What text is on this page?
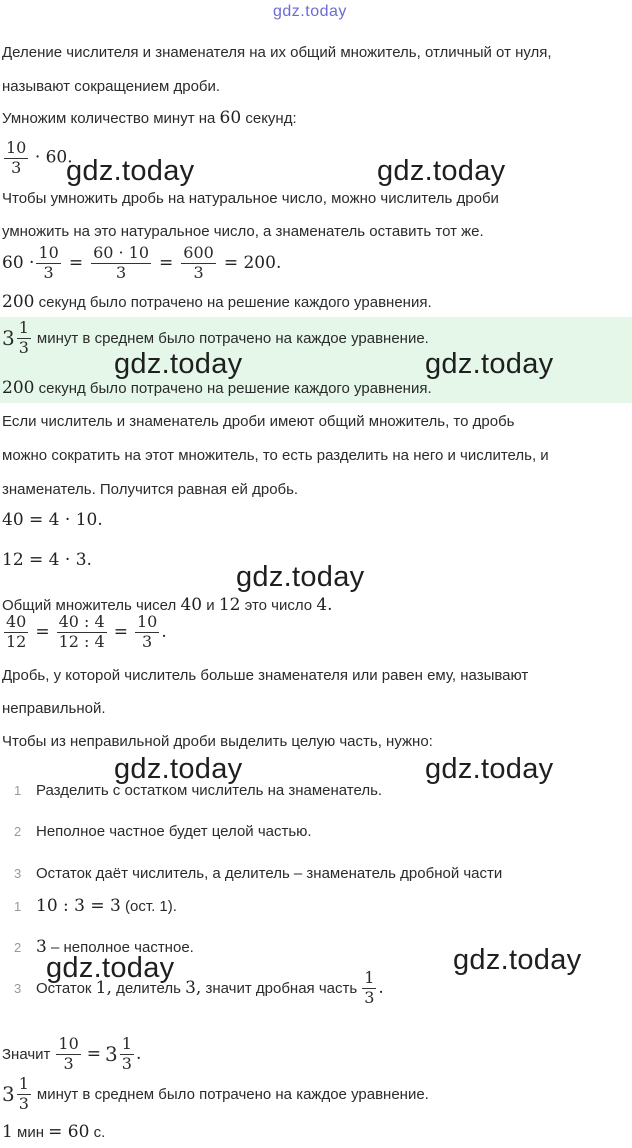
gdz.today
Деление числителя и знаменателя на их общий множитель, отличный от нуля,
называют сокращением дроби.
Умножим количество минут на 60 секунд:
$\frac{10}{3} \cdot 60$.
Чтобы умножить дробь на натуральное число, можно числитель дроби
умножить на это натуральное число, а знаменатель оставить тот же.
$60 \cdot \frac{10}{3} = \frac{60 \cdot 10}{3} = \frac{600}{3} = 200$.
200 секунд было потрачено на решение каждого уравнения.
$3 \frac{1}{3}$ минут в среднем было потрачено на каждое уравнение.
200 секунд было потрачено на решение каждого уравнения.
Если числитель и знаменатель дроби имеют общий множитель, то дробь
можно сократить на этот множитель, то есть разделить на него и числитель, и
знаменатель. Получится равная ей дробь.
40 = 4 · 10.
12 = 4 · 3.
Общий множитель чисел 40 и 12 это число 4.
$\frac{40}{12} = \frac{40 : 4}{12 : 4} = \frac{10}{3}$ .
Дробь, у которой числитель больше знаменателя или равен ему, называют
неправильной.
Чтобы из неправильной дроби выделить целую часть, нужно:
1 Разделить с остатком числитель на знаменатель.
2 Неполное частное будет целой частью.
3 Остаток даёт числитель, а делитель – знаменатель дробной части
1 10 : 3 = 3 (ост. 1).
2 3 – неполное частное.
3 Остаток
1,
делитель
3,
значит дробная часть $\frac{1}{3}$ .
Значит $\frac{10}{3} = 3 \frac{1}{3}$ .
$3 \frac{1}{3}$ минут в среднем было потрачено на каждое уравнение.
1 мин = 60 с.
gdz.today	gdz.today
gdz.today	gdz.today
gdz.today
gdz.today	gdz.today
gdz.today	gdz.today
